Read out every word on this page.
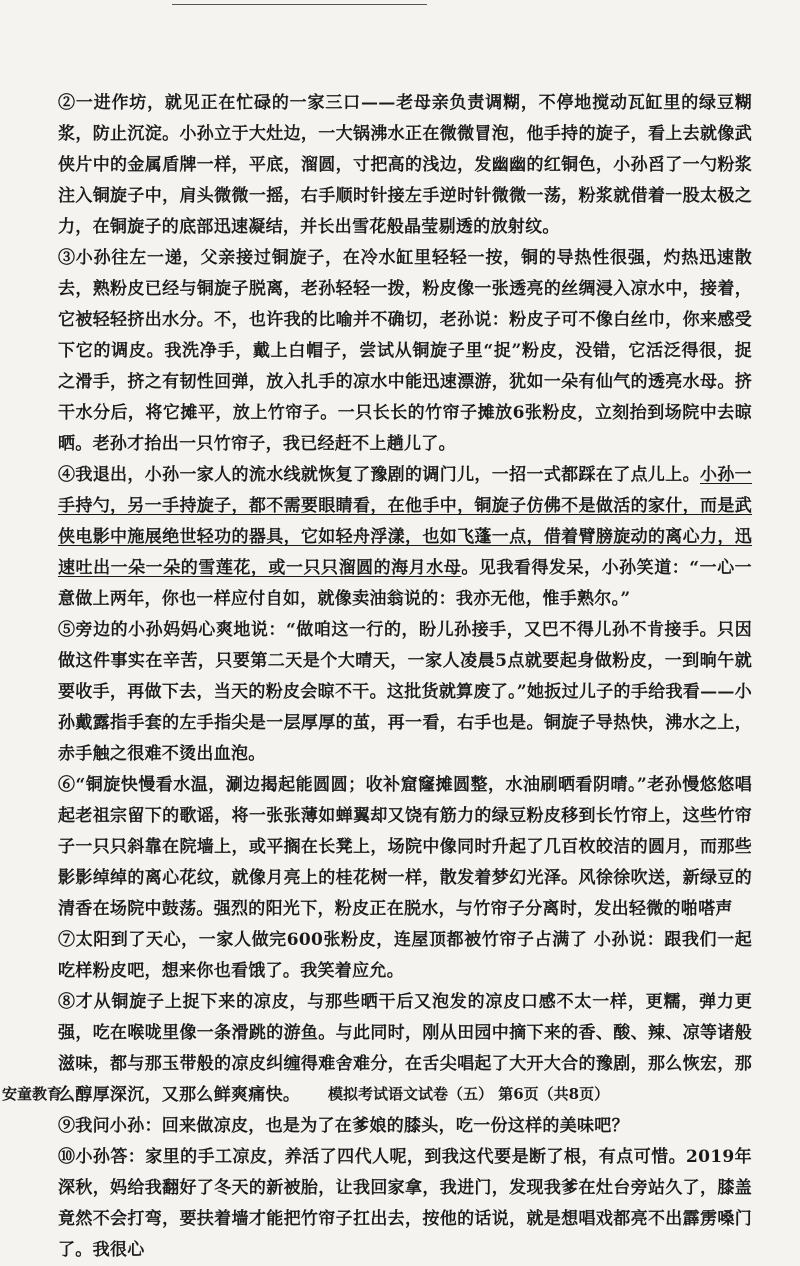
②一进作坊，就见正在忙碌的一家三口——老母亲负责调糊，不停地搅动瓦缸里的绿豆糊浆，防止沉淀。小孙立于大灶边，一大锅沸水正在微微冒泡，他手持的旋子，看上去就像武侠片中的金属盾牌一样，平底，溜圆，寸把高的浅边，发幽幽的红铜色，小孙舀了一勺粉浆注入铜旋子中，肩头微微一摇，右手顺时针接左手逆时针微微一荡，粉浆就借着一股太极之力，在铜旋子的底部迅速凝结，并长出雪花般晶莹剔透的放射纹。

③小孙往左一递，父亲接过铜旋子，在冷水缸里轻轻一按，铜的导热性很强，灼热迅速散去，熟粉皮已经与铜旋子脱离，老孙轻轻一拨，粉皮像一张透亮的丝绸浸入凉水中，接着，它被轻轻挤出水分。不，也许我的比喻并不确切，老孙说：粉皮子可不像白丝巾，你来感受下它的调皮。我洗净手，戴上白帽子，尝试从铜旋子里“捉”粉皮，没错，它活泛得很，捉之滑手，挤之有韧性回弹，放入扎手的凉水中能迅速漂游，犹如一朵有仙气的透亮水母。挤干水分后，将它摊平，放上竹帘子。一只长长的竹帘子摊放6张粉皮，立刻抬到场院中去晾晒。老孙才抬出一只竹帘子，我已经赶不上趟儿了。

④我退出，小孙一家人的流水线就恢复了豫剧的调门儿，一招一式都踩在了点儿上。小孙一手持勺，另一手持旋子，都不需要眼睛看，在他手中，铜旋子仿佛不是做活的家什，而是武侠电影中施展绝世轻功的器具，它如轻舟浮漾，也如飞蓬一点，借着臂膀旋动的离心力，迅速吐出一朵一朵的雪莲花，或一只只溜圆的海月水母。见我看得发呆，小孙笑道：“一心一意做上两年，你也一样应付自如，就像卖油翁说的：我亦无他，惟手熟尔。”

⑤旁边的小孙妈妈心爽地说：“做咱这一行的，盼儿孙接手，又巴不得儿孙不肯接手。只因做这件事实在辛苦，只要第二天是个大晴天，一家人凌晨5点就要起身做粉皮，一到晌午就要收手，再做下去，当天的粉皮会晾不干。这批货就算废了。”她扳过儿子的手给我看——小孙戴露指手套的左手指尖是一层厚厚的茧，再一看，右手也是。铜旋子导热快，沸水之上，赤手触之很难不烫出血泡。

⑥“铜旋快慢看水温，涮边揭起能圆圆；收补窟窿摊圆整，水油刷晒看阴晴。”老孙慢悠悠唱起老祖宗留下的歌谣，将一张张薄如蝉翼却又饶有筋力的绿豆粉皮移到长竹帘上，这些竹帘子一只只斜靠在院墙上，或平搁在长凳上，场院中像同时升起了几百枚皎洁的圆月，而那些影影绰绰的离心花纹，就像月亮上的桂花树一样，散发着梦幻光泽。风徐徐吹送，新绿豆的清香在场院中鼓荡。强烈的阳光下，粉皮正在脱水，与竹帘子分离时，发出轻微的啪嗒声

⑦太阳到了天心，一家人做完600张粉皮，连屋顶都被竹帘子占满了 小孙说：跟我们一起吃样粉皮吧，想来你也看饿了。我笑着应允。

⑧才从铜旋子上捉下来的凉皮，与那些晒干后又泡发的凉皮口感不太一样，更糯，弹力更强，吃在喉咙里像一条滑跳的游鱼。与此同时，刚从田园中摘下来的香、酸、辣、凉等诸般滋味，都与那玉带般的凉皮纠缠得难舍难分，在舌尖唱起了大开大合的豫剧，那么恢宏，那么醇厚深沉，又那么鲜爽痛快。

⑨我问小孙：回来做凉皮，也是为了在爹娘的膝头，吃一份这样的美味吧？

⑩小孙答：家里的手工凉皮，养活了四代人呢，到我这代要是断了根，有点可惜。2019年深秋，妈给我翻好了冬天的新被胎，让我回家拿，我进门，发现我爹在灶台旁站久了，膝盖竟然不会打弯，要扶着墙才能把竹帘子扛出去，按他的话说，就是想唱戏都亮不出霹雳嗓门了。我很心

安童教育	模拟考试语文试卷（五） 第6页（共8页）
